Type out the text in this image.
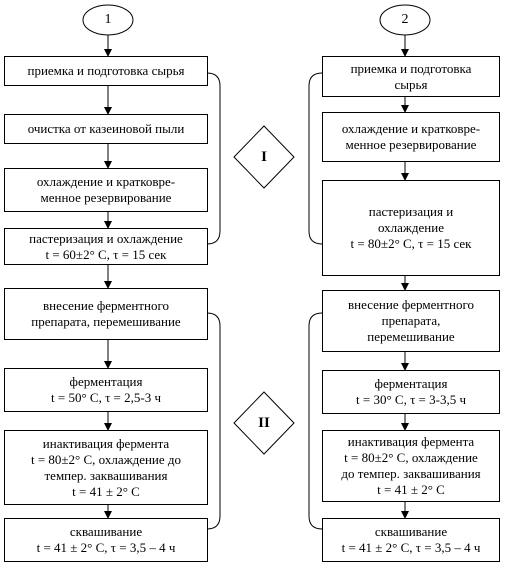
1	2
I
II
приемка и подготовка сырья
очистка от казеиновой пыли
охлаждение и кратковре-
менное резервирование
пастеризация и охлаждение
t = 60±2° С, τ = 15 сек
внесение ферментного
препарата, перемешивание
ферментация
t = 50° С, τ = 2,5-3 ч
инактивация фермента
t = 80±2° С, охлаждение до
темпер. заквашивания
t = 41 ± 2° С
сквашивание
t = 41 ± 2° С, τ = 3,5 – 4 ч
приемка и подготовка
сырья
охлаждение и кратковре-
менное резервирование
пастеризация и
охлаждение
t = 80±2° С, τ = 15 сек
внесение ферментного
препарата,
перемешивание
ферментация
t = 30° С, τ = 3-3,5 ч
инактивация фермента
t = 80±2° С, охлаждение
до темпер. заквашивания
t = 41 ± 2° С
сквашивание
t = 41 ± 2° С, τ = 3,5 – 4 ч
